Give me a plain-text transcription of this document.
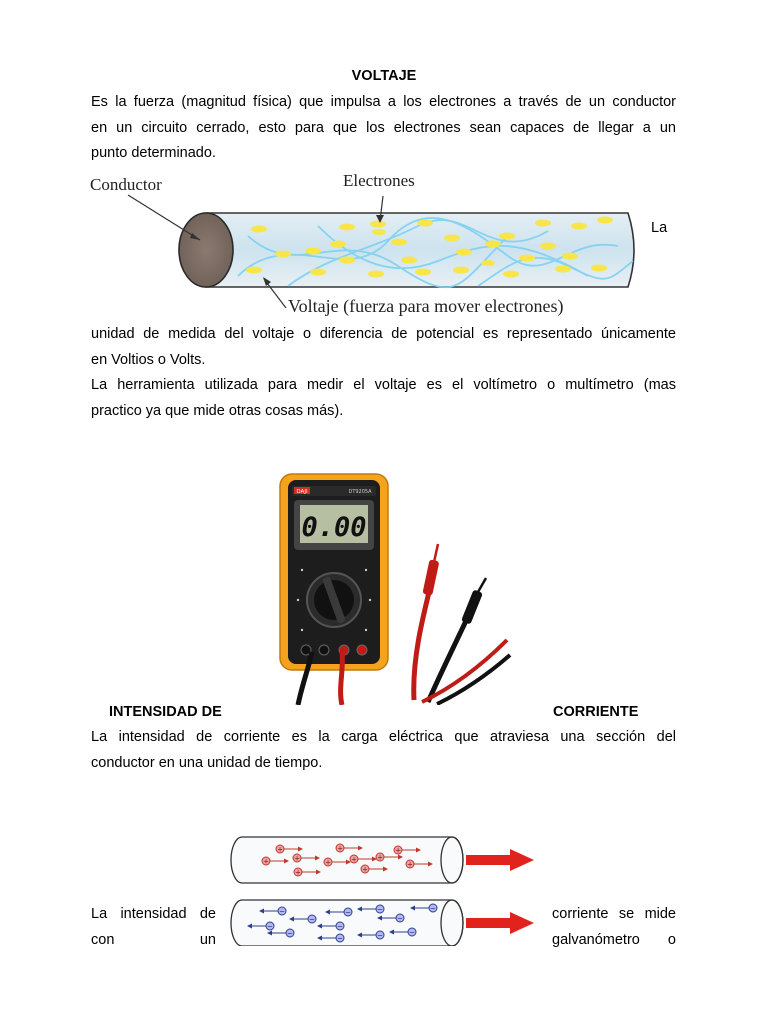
VOLTAJE
Es la fuerza (magnitud física) que impulsa a los electrones a través de un conductor
en un circuito cerrado, esto para que los electrones sean capaces de llegar a un
punto determinado.
Conductor	Electrones
Voltaje (fuerza para mover electrones)
La
unidad de medida del voltaje o diferencia de potencial es representado únicamente
en Voltios o Volts.
La herramienta utilizada para medir el voltaje es el voltímetro o multímetro (mas
practico ya que mide otras cosas más).
DAJI	DT9205A
0.00
INTENSIDAD DE	CORRIENTE
La intensidad de corriente es la carga eléctrica que atraviesa una sección del
conductor en una unidad de tiempo.
+	+	+
+
+	+	+
+
+	+
+
−	−	−	−
−	−
−	−
−	−	−
−
La intensidad de
con	un
corriente se mide
galvanómetro o
